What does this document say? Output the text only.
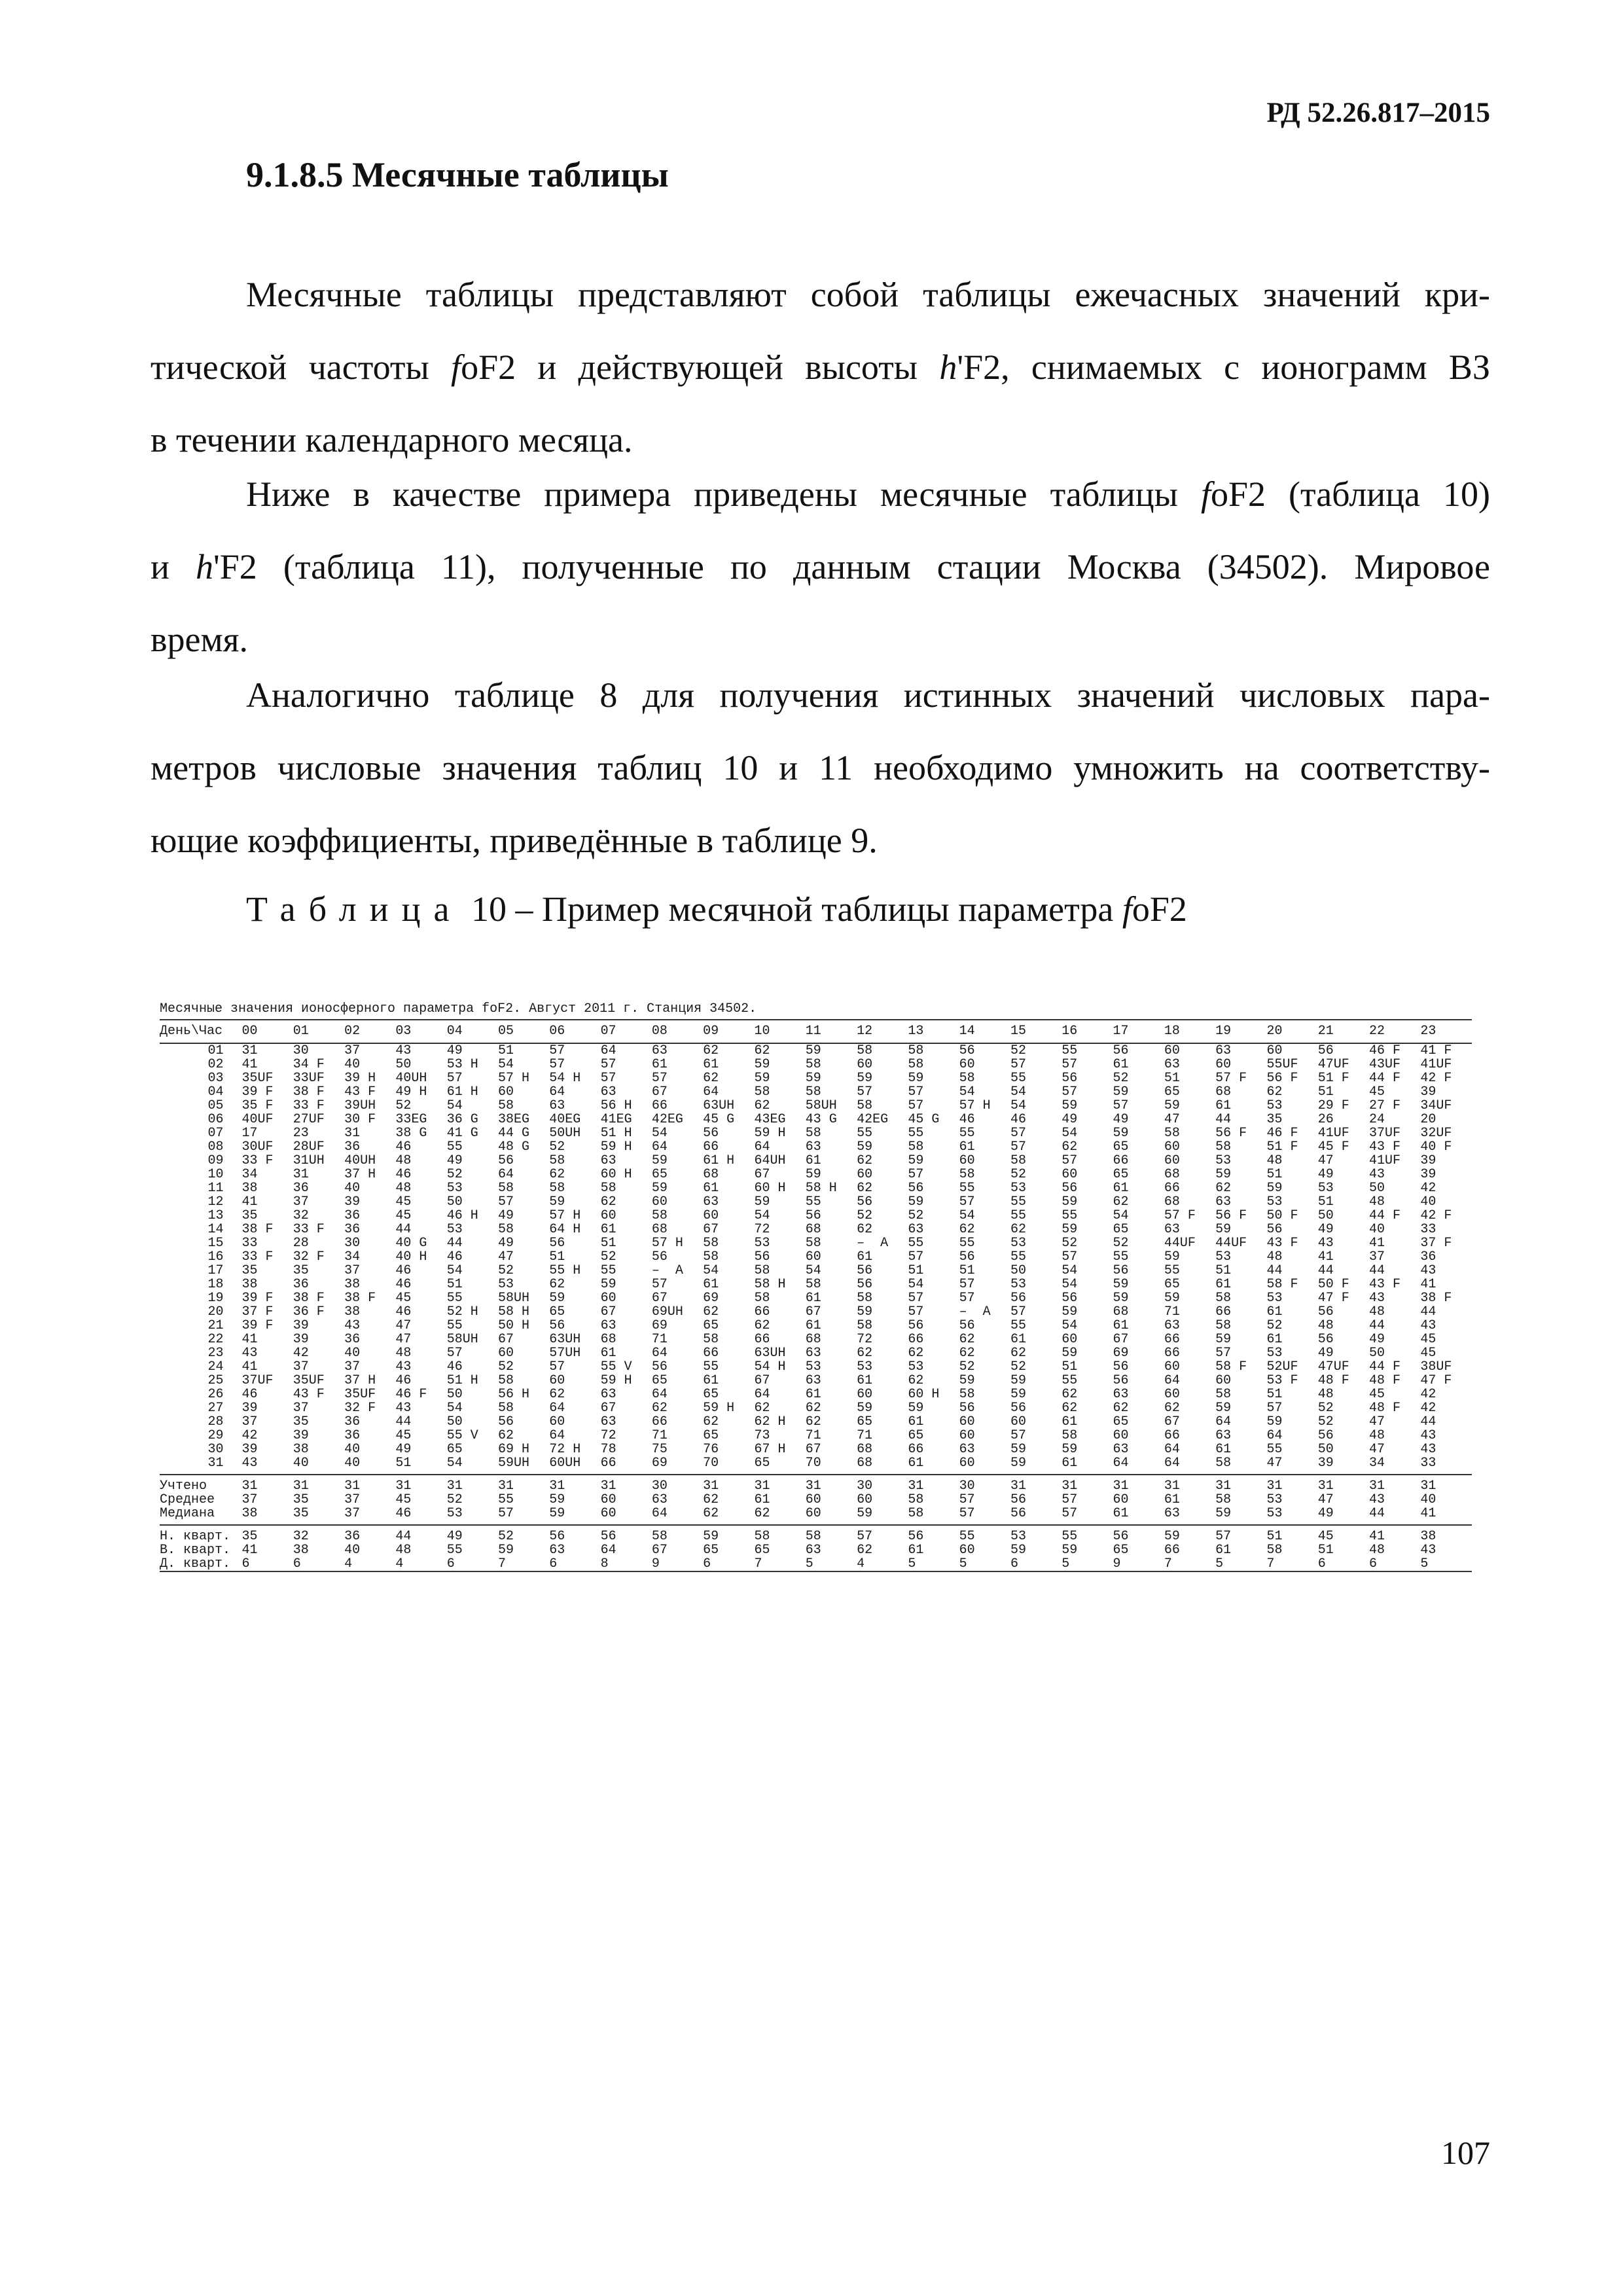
РД 52.26.817–2015
9.1.8.5 Месячные таблицы
Месячные таблицы представляют собой таблицы ежечасных значений кри-
тической частоты foF2 и действующей высоты h'F2, снимаемых с ионограмм ВЗ
в течении календарного месяца.
Ниже в качестве примера приведены месячные таблицы foF2 (таблица 10)
и h'F2 (таблица 11), полученные по данным стации Москва (34502). Мировое
время.
Аналогично таблице 8 для получения истинных значений числовых пара-
метров числовые значения таблиц 10 и 11 необходимо умножить на соответству-
ющие коэффициенты, приведённые в таблице 9.
Таблица 10 – Пример месячной таблицы параметра foF2
Месячные значения ионосферного параметра foF2. Август 2011 г. Станция 34502.
День\Час	00	01	02	03	04	05	06	07	08	09	10	11	12	13	14	15	16	17	18	19	20	21	22	23
01	31	30	37	43	49	51	57	64	63	62	62	59	58	58	56	52	55	56	60	63	60	56	46 F	41 F
02	41	34 F	40	50	53 H	54	57	57	61	61	59	58	60	58	60	57	57	61	63	60	55UF	47UF	43UF	41UF
03	35UF	33UF	39 H	40UH	57	57 H	54 H	57	57	62	59	59	59	59	58	55	56	52	51	57 F	56 F	51 F	44 F	42 F
04	39 F	38 F	43 F	49 H	61 H	60	64	63	67	64	58	58	57	57	54	54	57	59	65	68	62	51	45	39
05	35 F	33 F	39UH	52	54	58	63	56 H	66	63UH	62	58UH	58	57	57 H	54	59	57	59	61	53	29 F	27 F	34UF
06	40UF	27UF	30 F	33EG	36 G	38EG	40EG	41EG	42EG	45 G	43EG	43 G	42EG	45 G	46	46	49	49	47	44	35	26	24	20
07	17	23	31	38 G	41 G	44 G	50UH	51 H	54	56	59 H	58	55	55	55	57	54	59	58	56 F	46 F	41UF	37UF	32UF
08	30UF	28UF	36	46	55	48 G	52	59 H	64	66	64	63	59	58	61	57	62	65	60	58	51 F	45 F	43 F	40 F
09	33 F	31UH	40UH	48	49	56	58	63	59	61 H	64UH	61	62	59	60	58	57	66	60	53	48	47	41UF	39
10	34	31	37 H	46	52	64	62	60 H	65	68	67	59	60	57	58	52	60	65	68	59	51	49	43	39
11	38	36	40	48	53	58	58	58	59	61	60 H	58 H	62	56	55	53	56	61	66	62	59	53	50	42
12	41	37	39	45	50	57	59	62	60	63	59	55	56	59	57	55	59	62	68	63	53	51	48	40
13	35	32	36	45	46 H	49	57 H	60	58	60	54	56	52	52	54	55	55	54	57 F	56 F	50 F	50	44 F	42 F
14	38 F	33 F	36	44	53	58	64 H	61	68	67	72	68	62	63	62	62	59	65	63	59	56	49	40	33
15	33	28	30	40 G	44	49	56	51	57 H	58	53	58	–  A	55	55	53	52	52	44UF	44UF	43 F	43	41	37 F
16	33 F	32 F	34	40 H	46	47	51	52	56	58	56	60	61	57	56	55	57	55	59	53	48	41	37	36
17	35	35	37	46	54	52	55 H	55	–  A	54	58	54	56	51	51	50	54	56	55	51	44	44	44	43
18	38	36	38	46	51	53	62	59	57	61	58 H	58	56	54	57	53	54	59	65	61	58 F	50 F	43 F	41
19	39 F	38 F	38 F	45	55	58UH	59	60	67	69	58	61	58	57	57	56	56	59	59	58	53	47 F	43	38 F
20	37 F	36 F	38	46	52 H	58 H	65	67	69UH	62	66	67	59	57	–  A	57	59	68	71	66	61	56	48	44
21	39 F	39	43	47	55	50 H	56	63	69	65	62	61	58	56	56	55	54	61	63	58	52	48	44	43
22	41	39	36	47	58UH	67	63UH	68	71	58	66	68	72	66	62	61	60	67	66	59	61	56	49	45
23	43	42	40	48	57	60	57UH	61	64	66	63UH	63	62	62	62	62	59	69	66	57	53	49	50	45
24	41	37	37	43	46	52	57	55 V	56	55	54 H	53	53	53	52	52	51	56	60	58 F	52UF	47UF	44 F	38UF
25	37UF	35UF	37 H	46	51 H	58	60	59 H	65	61	67	63	61	62	59	59	55	56	64	60	53 F	48 F	48 F	47 F
26	46	43 F	35UF	46 F	50	56 H	62	63	64	65	64	61	60	60 H	58	59	62	63	60	58	51	48	45	42
27	39	37	32 F	43	54	58	64	67	62	59 H	62	62	59	59	56	56	62	62	62	59	57	52	48 F	42
28	37	35	36	44	50	56	60	63	66	62	62 H	62	65	61	60	60	61	65	67	64	59	52	47	44
29	42	39	36	45	55 V	62	64	72	71	65	73	71	71	65	60	57	58	60	66	63	64	56	48	43
30	39	38	40	49	65	69 H	72 H	78	75	76	67 H	67	68	66	63	59	59	63	64	61	55	50	47	43
31	43	40	40	51	54	59UH	60UH	66	69	70	65	70	68	61	60	59	61	64	64	58	47	39	34	33
Учтено	31	31	31	31	31	31	31	31	30	31	31	31	30	31	30	31	31	31	31	31	31	31	31	31
Среднее	37	35	37	45	52	55	59	60	63	62	61	60	60	58	57	56	57	60	61	58	53	47	43	40
Медиана	38	35	37	46	53	57	59	60	64	62	62	60	59	58	57	56	57	61	63	59	53	49	44	41
Н. кварт.	35	32	36	44	49	52	56	56	58	59	58	58	57	56	55	53	55	56	59	57	51	45	41	38
В. кварт.	41	38	40	48	55	59	63	64	67	65	65	63	62	61	60	59	59	65	66	61	58	51	48	43
Д. кварт.	6	6	4	4	6	7	6	8	9	6	7	5	4	5	5	6	5	9	7	5	7	6	6	5
107
